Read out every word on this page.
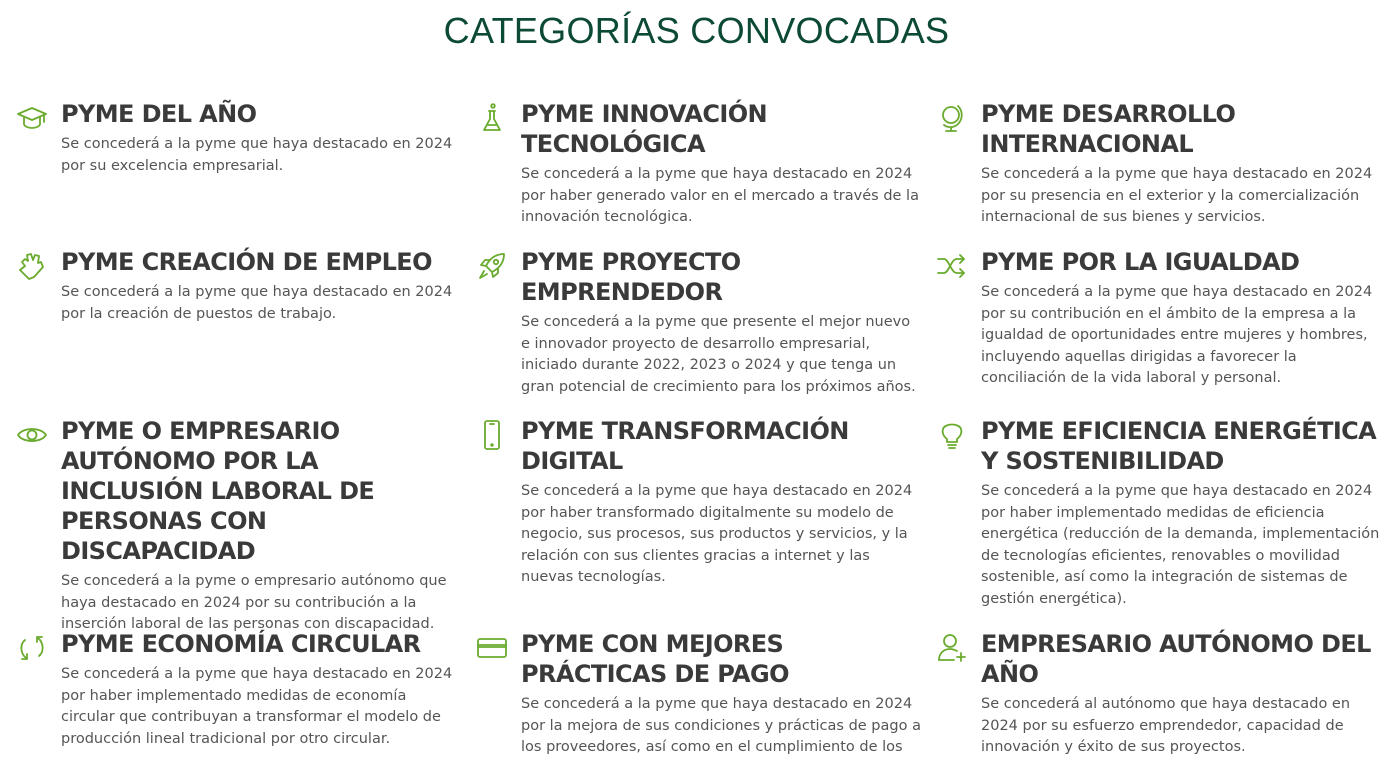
CATEGORÍAS CONVOCADAS
PYME DEL AÑO

Se concederá a la pyme que haya destacado en 2024 por su excelencia empresarial.

PYME INNOVACIÓN TECNOLÓGICA

Se concederá a la pyme que haya destacado en 2024 por haber generado valor en el mercado a través de la innovación tecnológica.

PYME DESARROLLO INTERNACIONAL

Se concederá a la pyme que haya destacado en 2024 por su presencia en el exterior y la comercialización internacional de sus bienes y servicios.

PYME CREACIÓN DE EMPLEO

Se concederá a la pyme que haya destacado en 2024 por la creación de puestos de trabajo.

PYME PROYECTO EMPRENDEDOR

Se concederá a la pyme que presente el mejor nuevo e innovador proyecto de desarrollo empresarial, iniciado durante 2022, 2023 o 2024 y que tenga un gran potencial de crecimiento para los próximos años.

PYME POR LA IGUALDAD

Se concederá a la pyme que haya destacado en 2024 por su contribución en el ámbito de la empresa a la igualdad de oportunidades entre mujeres y hombres, incluyendo aquellas dirigidas a favorecer la conciliación de la vida laboral y personal.

PYME O EMPRESARIO AUTÓNOMO POR LA INCLUSIÓN LABORAL DE PERSONAS CON DISCAPACIDAD

Se concederá a la pyme o empresario autónomo que haya destacado en 2024 por su contribución a la inserción laboral de las personas con discapacidad.

PYME TRANSFORMACIÓN DIGITAL

Se concederá a la pyme que haya destacado en 2024 por haber transformado digitalmente su modelo de negocio, sus procesos, sus productos y servicios, y la relación con sus clientes gracias a internet y las nuevas tecnologías.

PYME EFICIENCIA ENERGÉTICA Y SOSTENIBILIDAD

Se concederá a la pyme que haya destacado en 2024 por haber implementado medidas de eficiencia energética (reducción de la demanda, implementación de tecnologías eficientes, renovables o movilidad sostenible, así como la integración de sistemas de gestión energética).

PYME ECONOMÍA CIRCULAR

Se concederá a la pyme que haya destacado en 2024 por haber implementado medidas de economía circular que contribuyan a transformar el modelo de producción lineal tradicional por otro circular.

PYME CON MEJORES PRÁCTICAS DE PAGO

Se concederá a la pyme que haya destacado en 2024 por la mejora de sus condiciones y prácticas de pago a los proveedores, así como en el cumplimiento de los

EMPRESARIO AUTÓNOMO DEL AÑO

Se concederá al autónomo que haya destacado en 2024 por su esfuerzo emprendedor, capacidad de innovación y éxito de sus proyectos.
